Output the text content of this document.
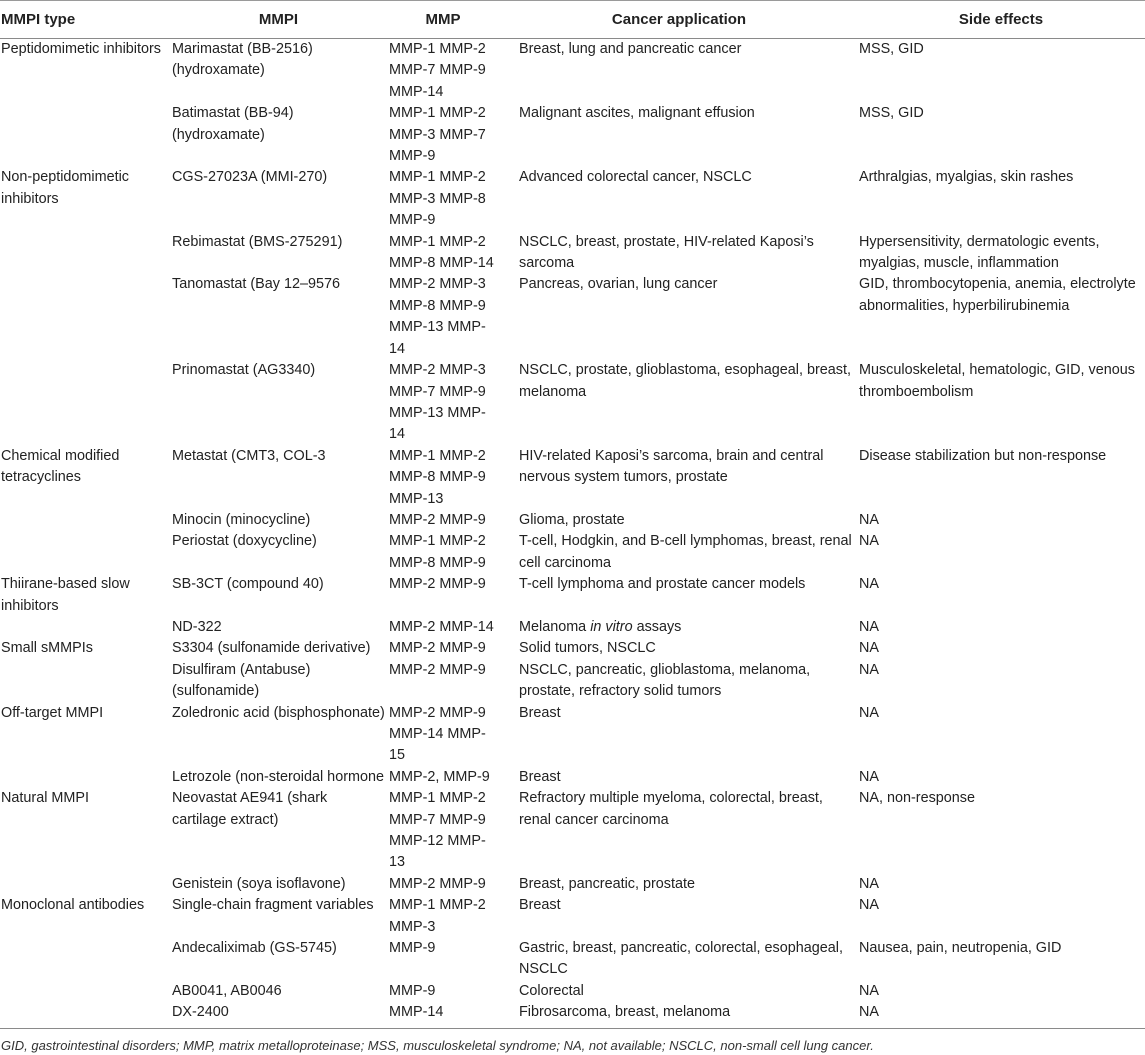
MMPI type	MMPI	MMP	Cancer application	Side effects
Peptidomimetic inhibitors	Marimastat (BB-2516) (hydroxamate)	MMP-1 MMP-2 MMP-7 MMP-9 MMP-14	Breast, lung and pancreatic cancer	MSS, GID
	Batimastat (BB-94) (hydroxamate)	MMP-1 MMP-2 MMP-3 MMP-7 MMP-9	Malignant ascites, malignant effusion	MSS, GID
Non-peptidomimetic inhibitors	CGS-27023A (MMI-270)	MMP-1 MMP-2 MMP-3 MMP-8 MMP-9	Advanced colorectal cancer, NSCLC	Arthralgias, myalgias, skin rashes
	Rebimastat (BMS-275291)	MMP-1 MMP-2 MMP-8 MMP-14	NSCLC, breast, prostate, HIV-related Kaposi’s sarcoma	Hypersensitivity, dermatologic events, myalgias, muscle, inflammation
	Tanomastat (Bay 12–9576	MMP-2 MMP-3 MMP-8 MMP-9 MMP-13 MMP-14	Pancreas, ovarian, lung cancer	GID, thrombocytopenia, anemia, electrolyte abnormalities, hyperbilirubinemia
	Prinomastat (AG3340)	MMP-2 MMP-3 MMP-7 MMP-9 MMP-13 MMP-14	NSCLC, prostate, glioblastoma, esophageal, breast, melanoma	Musculoskeletal, hematologic, GID, venous thromboembolism
Chemical modified tetracyclines	Metastat (CMT3, COL-3	MMP-1 MMP-2 MMP-8 MMP-9 MMP-13	HIV-related Kaposi’s sarcoma, brain and central nervous system tumors, prostate	Disease stabilization but non-response
	Minocin (minocycline)	MMP-2 MMP-9	Glioma, prostate	NA
	Periostat (doxycycline)	MMP-1 MMP-2 MMP-8 MMP-9	T-cell, Hodgkin, and B-cell lymphomas, breast, renal cell carcinoma	NA
Thiirane-based slow inhibitors	SB-3CT (compound 40)	MMP-2 MMP-9	T-cell lymphoma and prostate cancer models	NA
	ND-322	MMP-2 MMP-14	Melanoma in vitro assays	NA
Small sMMPIs	S3304 (sulfonamide derivative)	MMP-2 MMP-9	Solid tumors, NSCLC	NA
	Disulfiram (Antabuse) (sulfonamide)	MMP-2 MMP-9	NSCLC, pancreatic, glioblastoma, melanoma, prostate, refractory solid tumors	NA
Off-target MMPI	Zoledronic acid (bisphosphonate)	MMP-2 MMP-9 MMP-14 MMP-15	Breast	NA
	Letrozole (non-steroidal hormone	MMP-2, MMP-9	Breast	NA
Natural MMPI	Neovastat AE941 (shark cartilage extract)	MMP-1 MMP-2 MMP-7 MMP-9 MMP-12 MMP-13	Refractory multiple myeloma, colorectal, breast, renal cancer carcinoma	NA, non-response
	Genistein (soya isoflavone)	MMP-2 MMP-9	Breast, pancreatic, prostate	NA
Monoclonal antibodies	Single-chain fragment variables	MMP-1 MMP-2 MMP-3	Breast	NA
	Andecaliximab (GS-5745)	MMP-9	Gastric, breast, pancreatic, colorectal, esophageal, NSCLC	Nausea, pain, neutropenia, GID
	AB0041, AB0046	MMP-9	Colorectal	NA
	DX-2400	MMP-14	Fibrosarcoma, breast, melanoma	NA
GID, gastrointestinal disorders; MMP, matrix metalloproteinase; MSS, musculoskeletal syndrome; NA, not available; NSCLC, non-small cell lung cancer.
